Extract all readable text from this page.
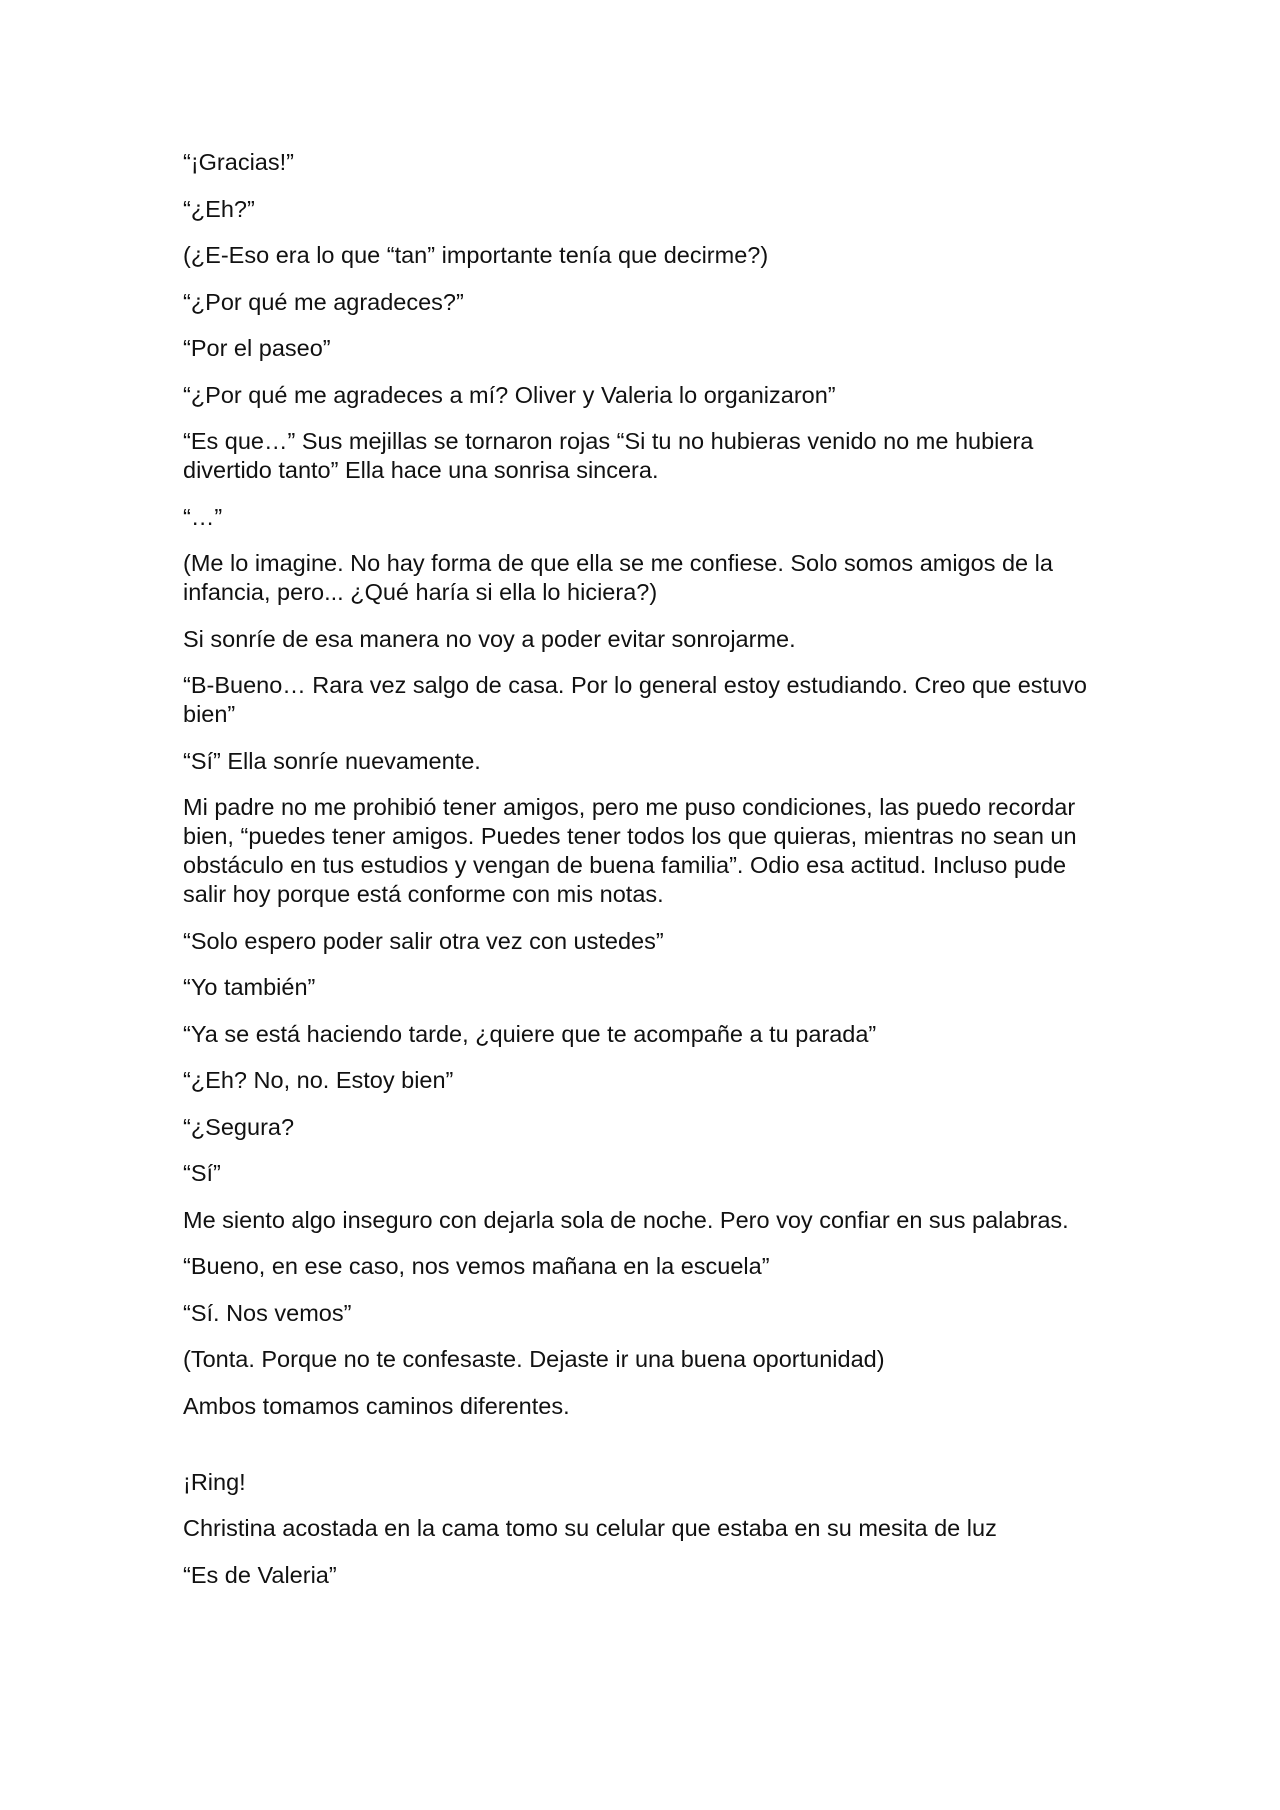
“¡Gracias!”

“¿Eh?”

(¿E-Eso era lo que “tan” importante tenía que decirme?)

“¿Por qué me agradeces?”

“Por el paseo”

“¿Por qué me agradeces a mí? Oliver y Valeria lo organizaron”

“Es que…” Sus mejillas se tornaron rojas “Si tu no hubieras venido no me hubiera divertido tanto” Ella hace una sonrisa sincera.

“…”

(Me lo imagine. No hay forma de que ella se me confiese. Solo somos amigos de la infancia, pero... ¿Qué haría si ella lo hiciera?)

Si sonríe de esa manera no voy a poder evitar sonrojarme.

“B-Bueno… Rara vez salgo de casa. Por lo general estoy estudiando. Creo que estuvo bien”

“Sí” Ella sonríe nuevamente.

Mi padre no me prohibió tener amigos, pero me puso condiciones, las puedo recordar bien, “puedes tener amigos. Puedes tener todos los que quieras, mientras no sean un obstáculo en tus estudios y vengan de buena familia”. Odio esa actitud. Incluso pude salir hoy porque está conforme con mis notas.

“Solo espero poder salir otra vez con ustedes”

“Yo también”

“Ya se está haciendo tarde, ¿quiere que te acompañe a tu parada”

“¿Eh? No, no. Estoy bien”

“¿Segura?

“Sí”

Me siento algo inseguro con dejarla sola de noche. Pero voy confiar en sus palabras.

“Bueno, en ese caso, nos vemos mañana en la escuela”

“Sí. Nos vemos”

(Tonta. Porque no te confesaste. Dejaste ir una buena oportunidad)

Ambos tomamos caminos diferentes.

¡Ring!

Christina acostada en la cama tomo su celular que estaba en su mesita de luz

“Es de Valeria”
